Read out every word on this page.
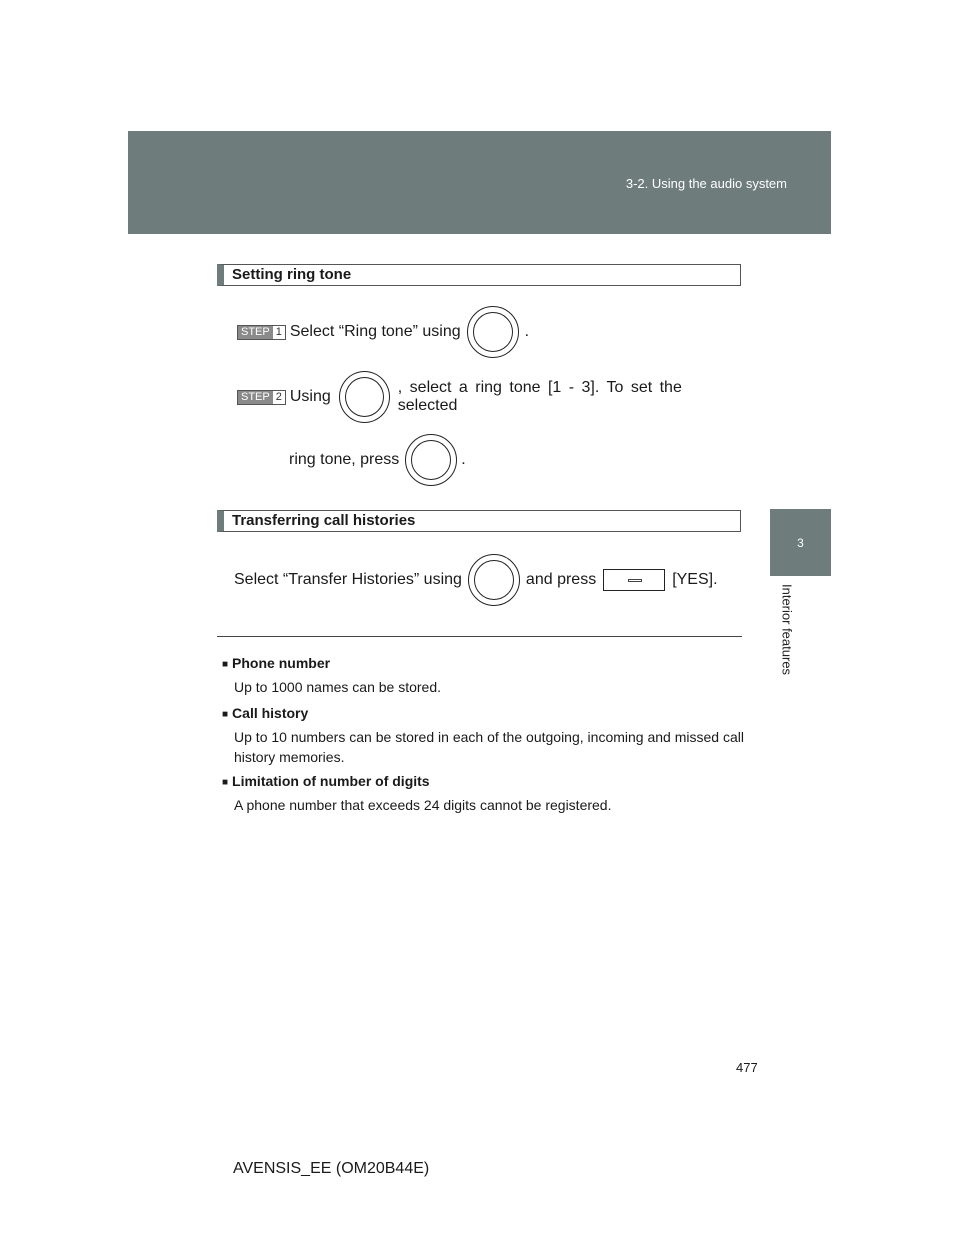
3-2. Using the audio system
3
Interior features
Setting ring tone
STEP 1 Select “Ring tone” using	.
STEP 2 Using
, select a ring tone [1 - 3]. To set the selected
ring tone, press	.
Transferring call histories
Select “Transfer Histories” using	and press	[YES].
■ Phone number
Up to 1000 names can be stored.
■ Call history
Up to 10 numbers can be stored in each of the outgoing, incoming and missed call history memories.
■ Limitation of number of digits
A phone number that exceeds 24 digits cannot be registered.
477
AVENSIS_EE (OM20B44E)
